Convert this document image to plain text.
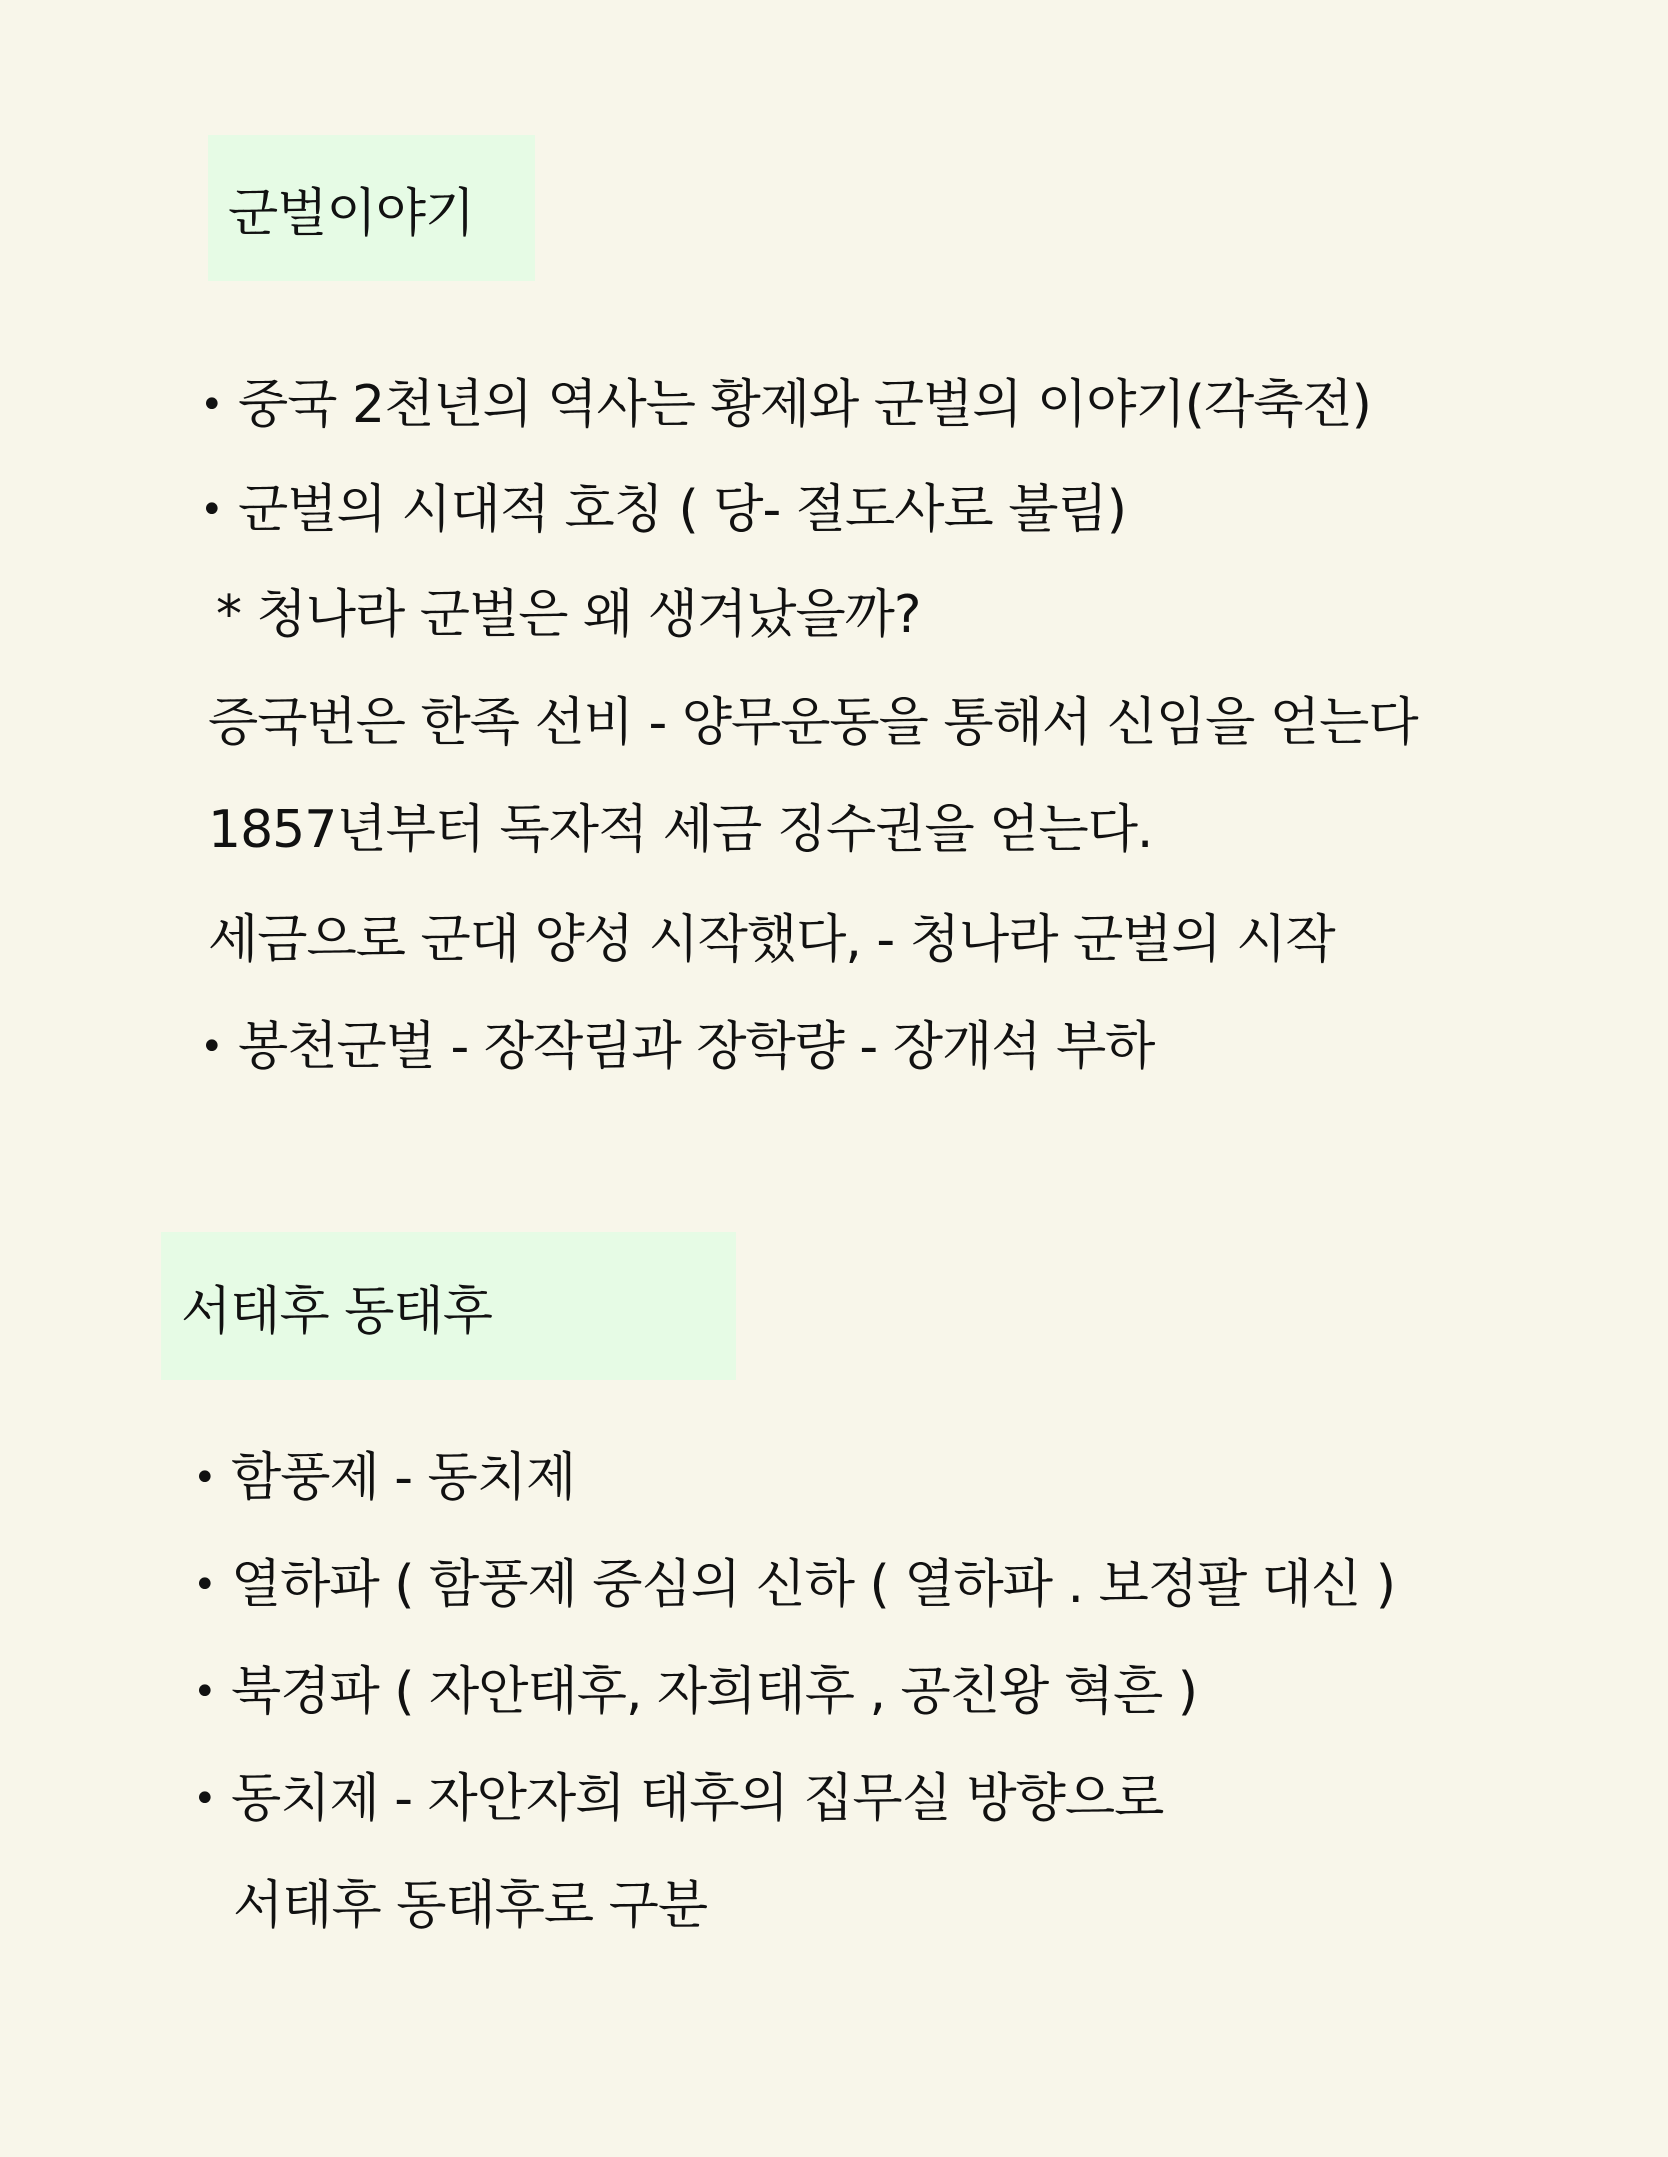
군벌이야기
• 중국 2천년의 역사는 황제와 군벌의 이야기(각축전)
• 군벌의 시대적 호칭 ( 당- 절도사로 불림)
* 청나라 군벌은 왜 생겨났을까?
증국번은 한족 선비 - 양무운동을 통해서 신임을 얻는다
1857년부터 독자적 세금 징수권을 얻는다.
세금으로 군대 양성 시작했다, - 청나라 군벌의 시작
• 봉천군벌 - 장작림과 장학량 - 장개석 부하
서태후 동태후
• 함풍제 - 동치제
• 열하파 ( 함풍제 중심의 신하 ( 열하파 . 보정팔 대신 )
• 북경파 ( 자안태후, 자희태후 , 공친왕 혁흔 )
• 동치제 - 자안자희 태후의 집무실 방향으로
서태후 동태후로 구분
